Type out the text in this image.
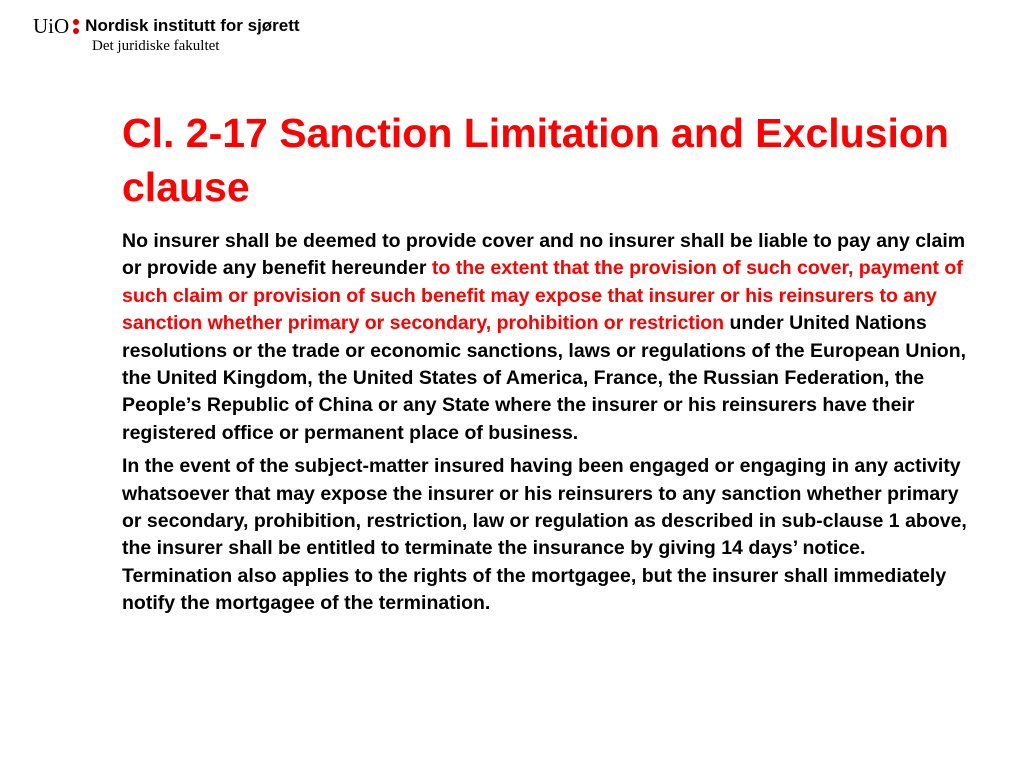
UiO Nordisk institutt for sjørett
Det juridiske fakultet
Cl. 2-17 Sanction Limitation and Exclusion clause

No insurer shall be deemed to provide cover and no insurer shall be liable to pay any claim or provide any benefit hereunder to the extent that the provision of such cover, payment of such claim or provision of such benefit may expose that insurer or his reinsurers to any sanction whether primary or secondary, prohibition or restriction under United Nations resolutions or the trade or economic sanctions, laws or regulations of the European Union, the United Kingdom, the United States of America, France, the Russian Federation, the People’s Republic of China or any State where the insurer or his reinsurers have their registered office or permanent place of business.

In the event of the subject-matter insured having been engaged or engaging in any activity whatsoever that may expose the insurer or his reinsurers to any sanction whether primary or secondary, prohibition, restriction, law or regulation as described in sub-clause 1 above, the insurer shall be entitled to terminate the insurance by giving 14 days’ notice. Termination also applies to the rights of the mortgagee, but the insurer shall immediately notify the mortgagee of the termination.
